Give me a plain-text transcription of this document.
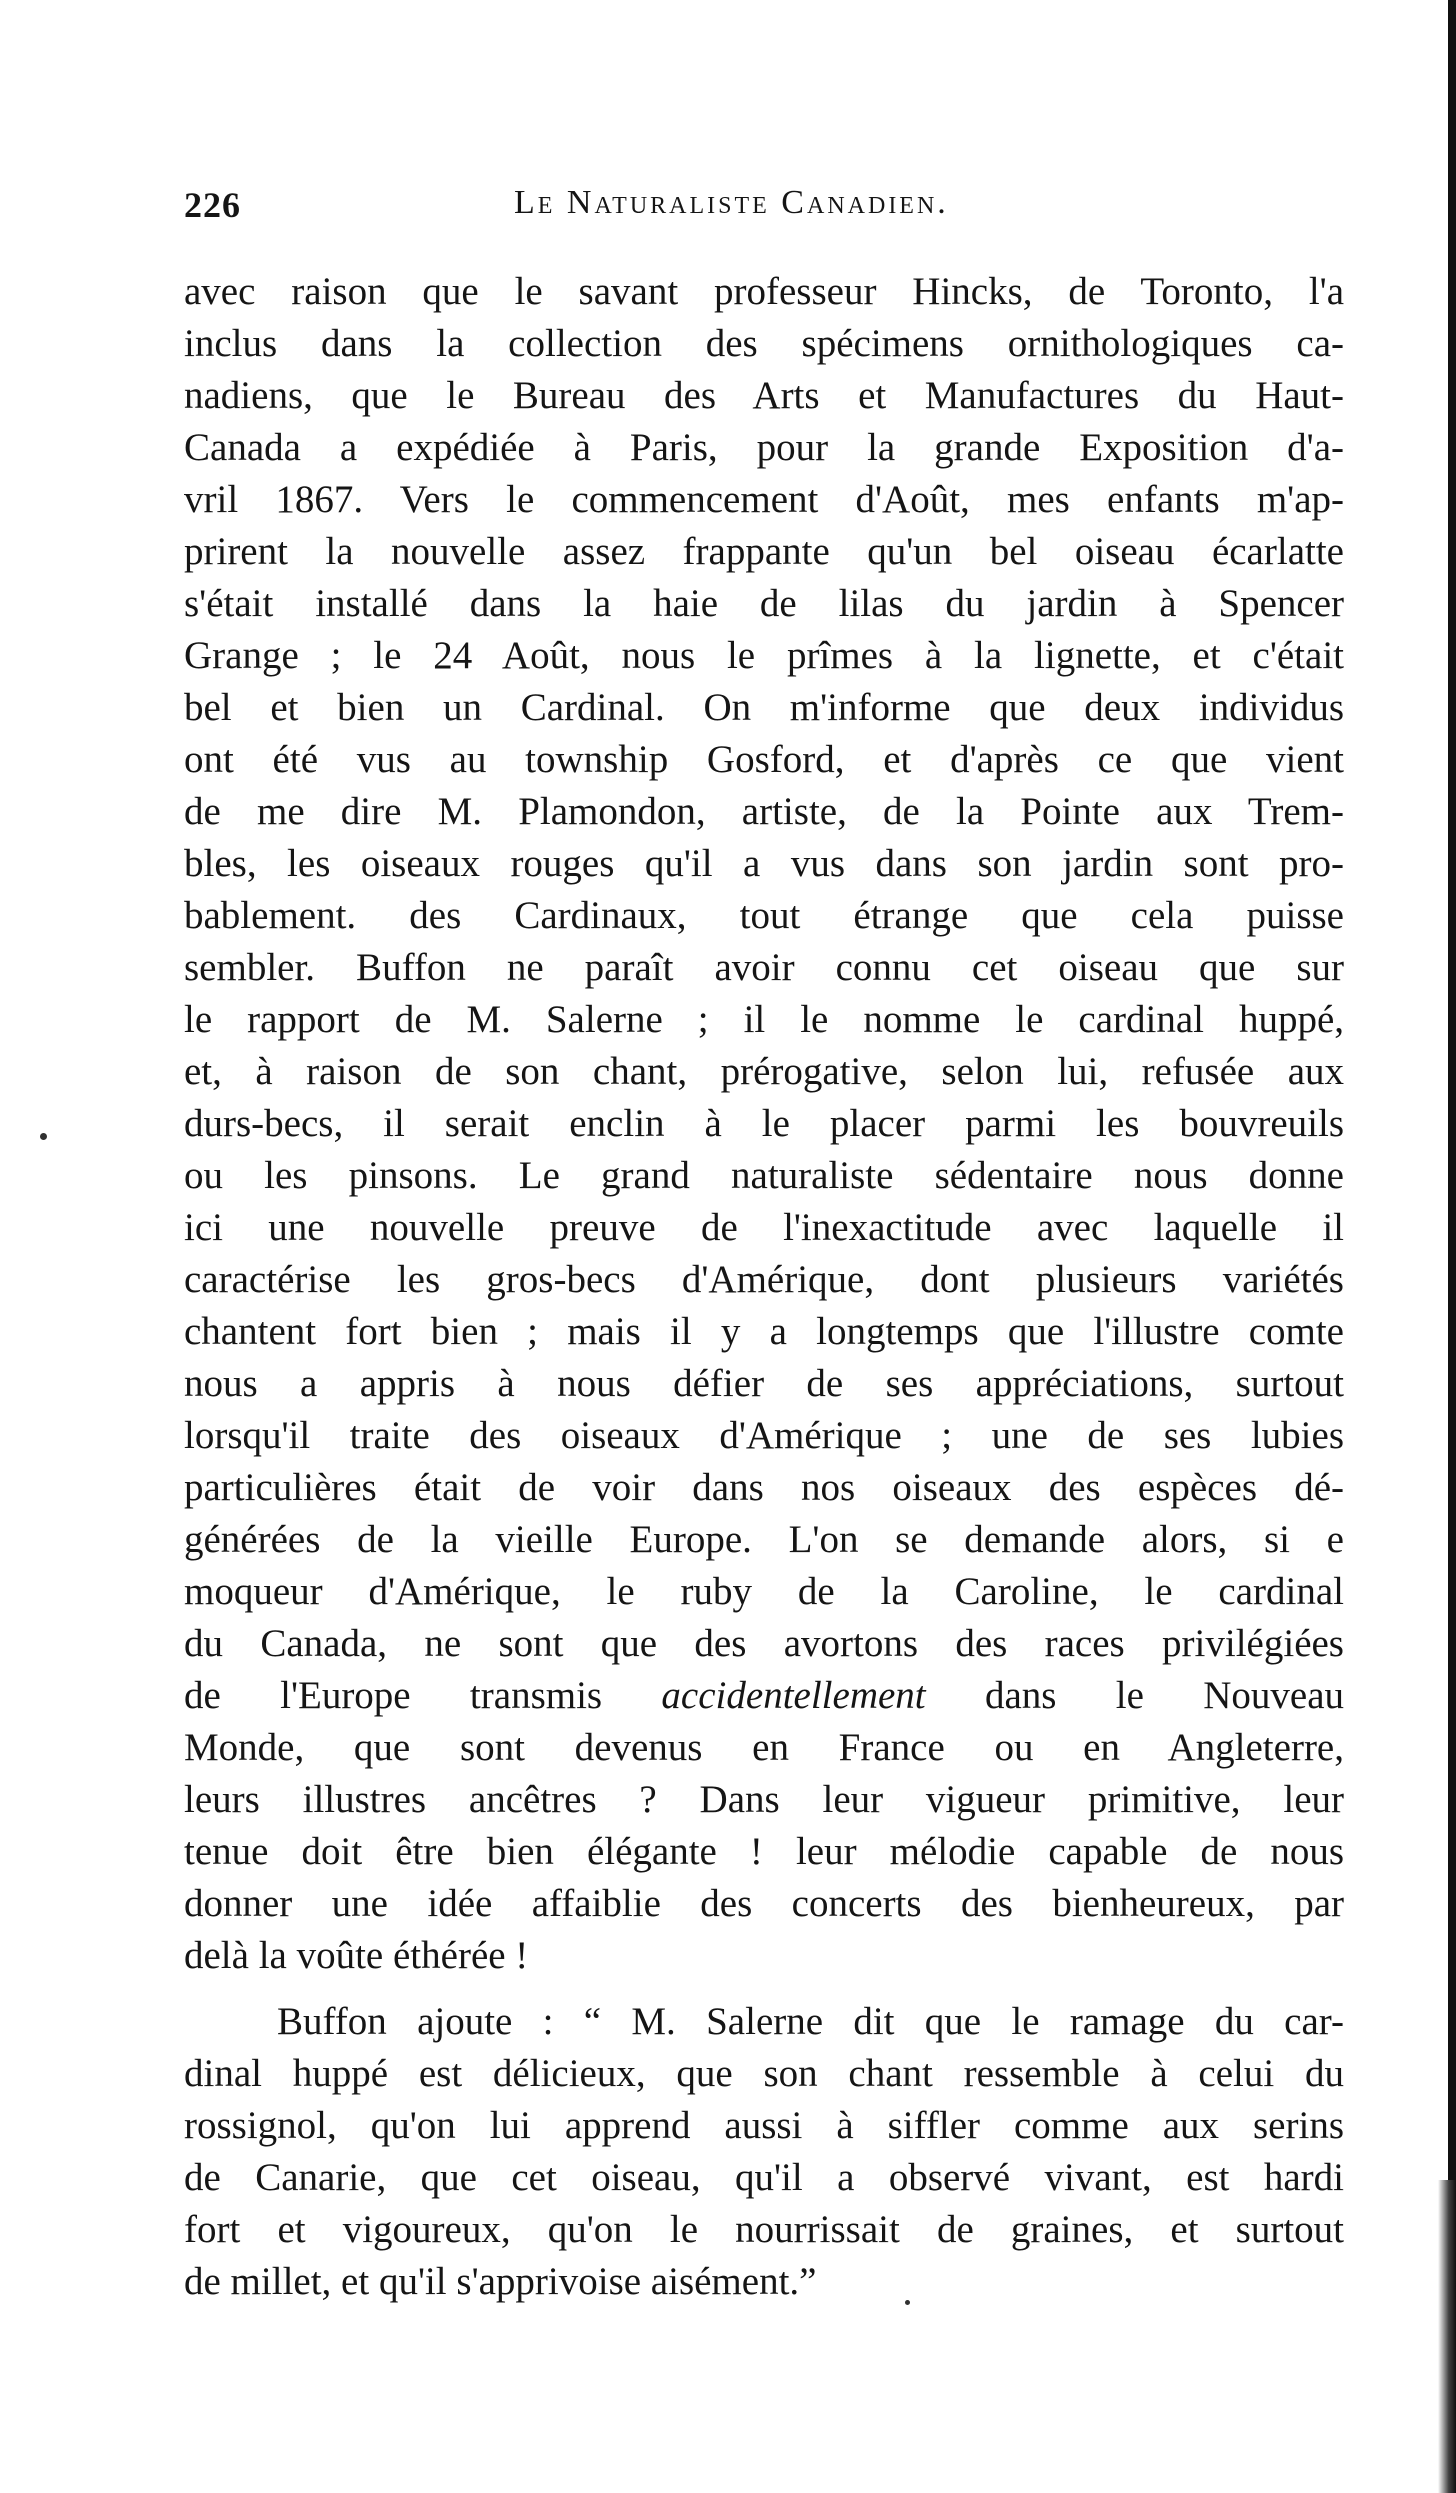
226	Le Naturaliste Canadien.
avec raison que le savant professeur Hincks, de Toronto, l'a
inclus dans la collection des spécimens ornithologiques ca-
nadiens, que le Bureau des Arts et Manufactures du Haut-
Canada a expédiée à Paris, pour la grande Exposition d'a-
vril 1867. Vers le commencement d'Août, mes enfants m'ap-
prirent la nouvelle assez frappante qu'un bel oiseau écarlatte
s'était installé dans la haie de lilas du jardin à Spencer
Grange ; le 24 Août, nous le prîmes à la lignette, et c'était
bel et bien un Cardinal. On m'informe que deux individus
ont été vus au township Gosford, et d'après ce que vient
de me dire M. Plamondon, artiste, de la Pointe aux Trem-
bles, les oiseaux rouges qu'il a vus dans son jardin sont pro-
bablement. des Cardinaux, tout étrange que cela puisse
sembler. Buffon ne paraît avoir connu cet oiseau que sur
le rapport de M. Salerne ; il le nomme le cardinal huppé,
et, à raison de son chant, prérogative, selon lui, refusée aux
durs-becs, il serait enclin à le placer parmi les bouvreuils
ou les pinsons. Le grand naturaliste sédentaire nous donne
ici une nouvelle preuve de l'inexactitude avec laquelle il
caractérise les gros-becs d'Amérique, dont plusieurs variétés
chantent fort bien ; mais il y a longtemps que l'illustre comte
nous a appris à nous défier de ses appréciations, surtout
lorsqu'il traite des oiseaux d'Amérique ; une de ses lubies
particulières était de voir dans nos oiseaux des espèces dé-
générées de la vieille Europe. L'on se demande alors, si e
moqueur d'Amérique, le ruby de la Caroline, le cardinal
du Canada, ne sont que des avortons des races privilégiées
de l'Europe transmis accidentellement dans le Nouveau
Monde, que sont devenus en France ou en Angleterre,
leurs illustres ancêtres ? Dans leur vigueur primitive, leur
tenue doit être bien élégante ! leur mélodie capable de nous
donner une idée affaiblie des concerts des bienheureux, par
delà la voûte éthérée !
Buffon ajoute : “ M. Salerne dit que le ramage du car-
dinal huppé est délicieux, que son chant ressemble à celui du
rossignol, qu'on lui apprend aussi à siffler comme aux serins
de Canarie, que cet oiseau, qu'il a observé vivant, est hardi
fort et vigoureux, qu'on le nourrissait de graines, et surtout
de millet, et qu'il s'apprivoise aisément.”
